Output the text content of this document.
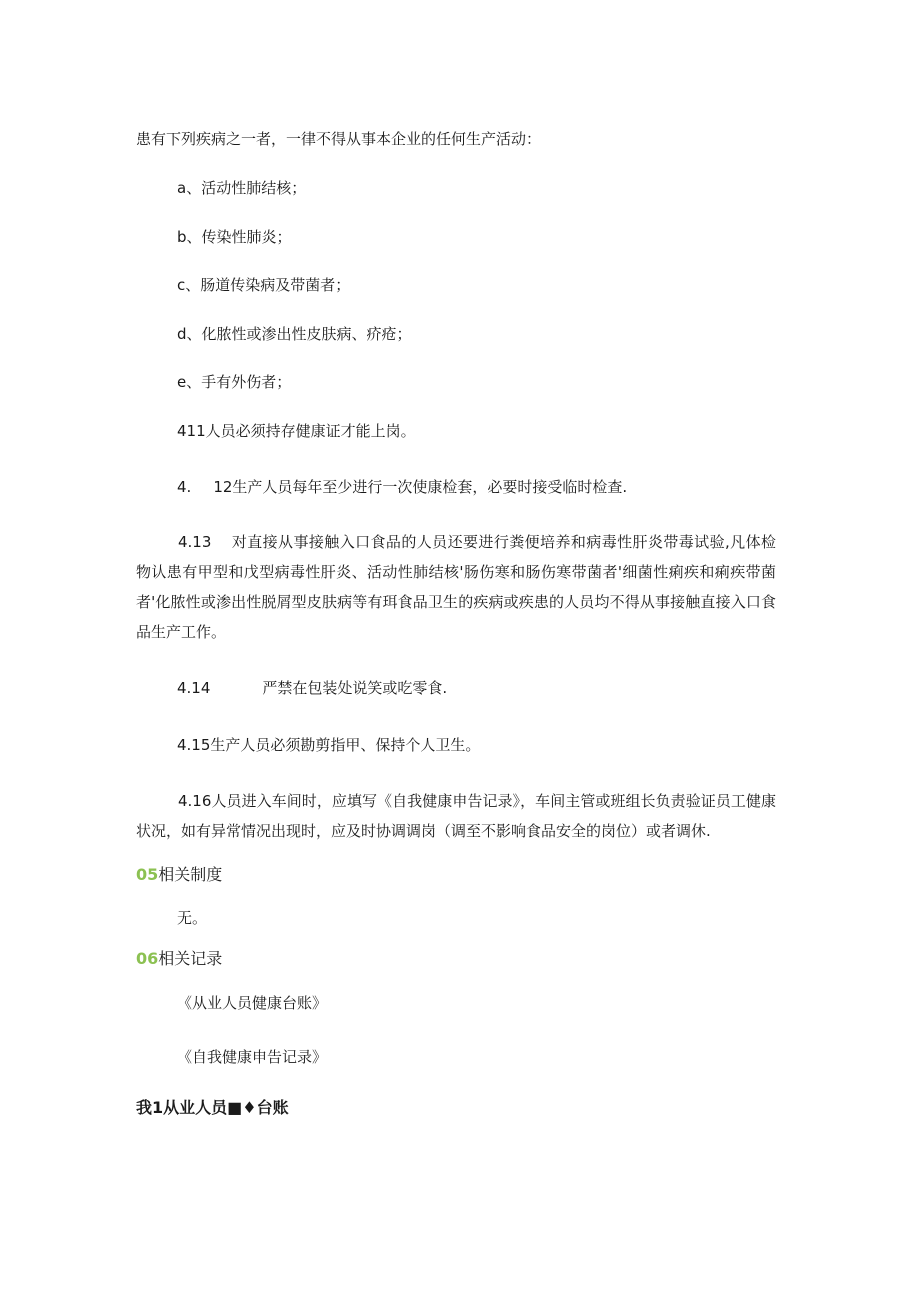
患有下列疾病之一者，一律不得从事本企业的任何生产活动：

a、活动性肺结核；

b、传染性肺炎；

c、肠道传染病及带菌者；

d、化脓性或渗出性皮肤病、疥疮；

e、手有外伤者；

411人员必须持存健康证才能上岗。

4. 12生产人员每年至少进行一次使康检套，必要时接受临时检查.

4.13 对直接从事接触入口食品的人员还要进行粪便培养和病毒性肝炎带毒试验,凡体检物认患有甲型和戊型病毒性肝炎、活动性肺结核'肠伤寒和肠伤寒带菌者'细菌性痢疾和痢疾带菌者'化脓性或渗出性脱屑型皮肤病等有珥食品卫生的疾病或疾患的人员均不得从事接触直接入口食品生产工作。

4.14	严禁在包装处说笑或吃零食.

4.15生产人员必须勘剪指甲、保持个人卫生。

4.16人员进入车间时，应填写《自我健康申告记录》，车间主管或班组长负责验证员工健康状况，如有异常情况出现时，应及时协调调岗（调至不影响食品安全的岗位）或者调休.
05相关制度

无。

06相关记录

《从业人员健康台账》

《自我健康申告记录》

我1从业人员■♦台账
